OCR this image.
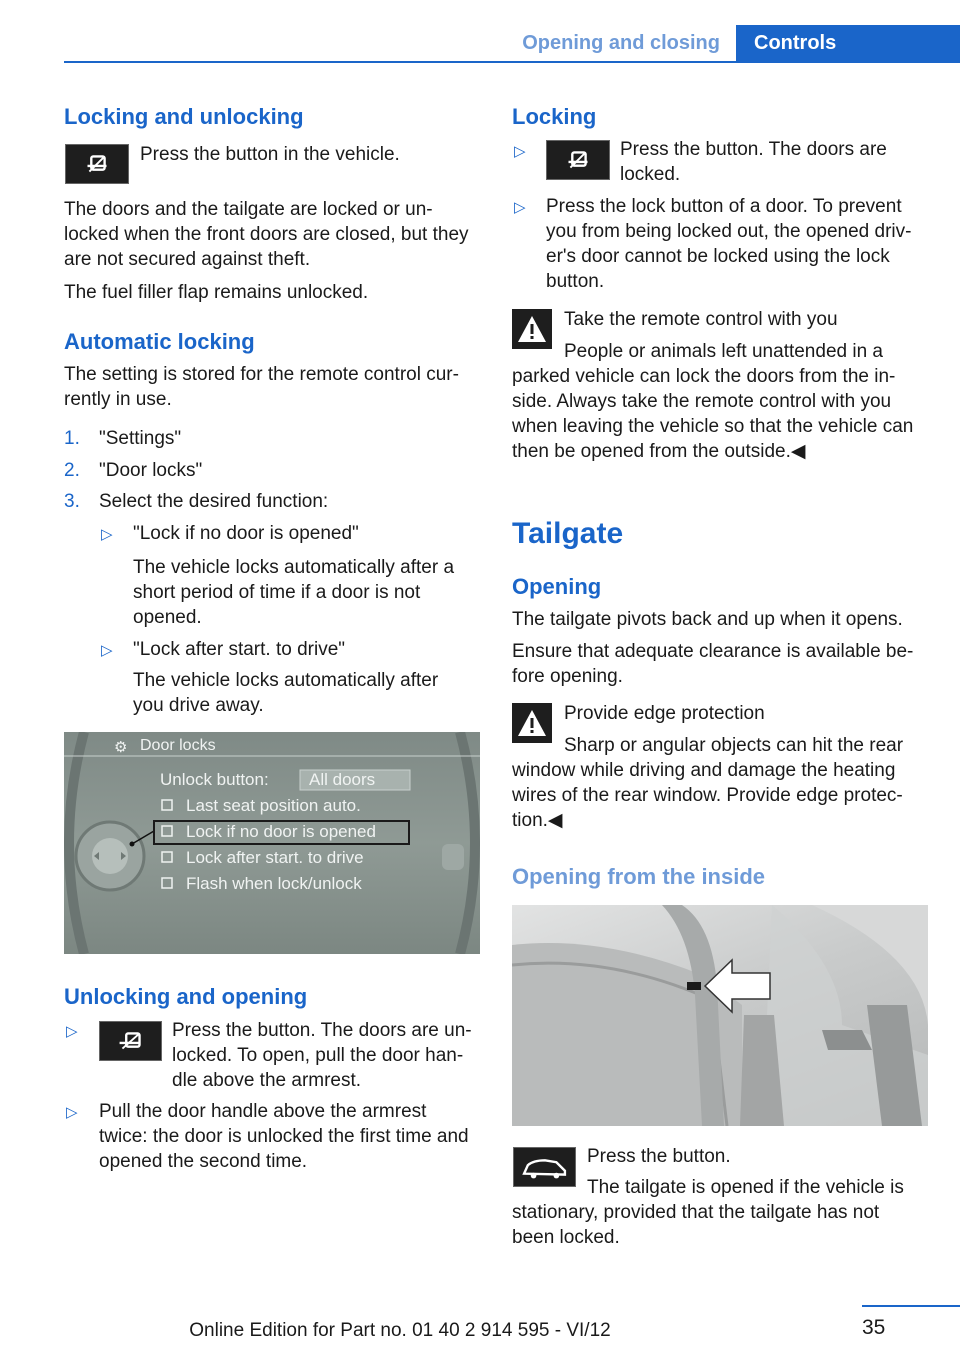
Opening and closing	Controls
Locking and unlocking
Press the button in the vehicle.
The doors and the tailgate are locked or un-
locked when the front doors are closed, but they
are not secured against theft.
The fuel filler flap remains unlocked.
Automatic locking
The setting is stored for the remote control cur-
rently in use.
1. "Settings"
2. "Door locks"
3. Select the desired function:
▷ "Lock if no door is opened"
The vehicle locks automatically after a
short period of time if a door is not
opened.
▷ "Lock after start. to drive"
The vehicle locks automatically after
you drive away.
⚙ Door locks
Unlock button: All doors
Last seat position auto.
Lock if no door is opened
Lock after start. to drive
Flash when lock/unlock
Unlocking and opening
▷	Press the button. The doors are un-
locked. To open, pull the door han-
dle above the armrest.
▷ Pull the door handle above the armrest
twice: the door is unlocked the first time and
opened the second time.
Locking
▷	Press the button. The doors are
locked.
▷ Press the lock button of a door. To prevent
you from being locked out, the opened driv-
er's door cannot be locked using the lock
button.
Take the remote control with you
People or animals left unattended in a
parked vehicle can lock the doors from the in-
side. Always take the remote control with you
when leaving the vehicle so that the vehicle can
then be opened from the outside.◀
Tailgate
Opening
The tailgate pivots back and up when it opens.
Ensure that adequate clearance is available be-
fore opening.
Provide edge protection
Sharp or angular objects can hit the rear
window while driving and damage the heating
wires of the rear window. Provide edge protec-
tion.◀
Opening from the inside
Press the button.
The tailgate is opened if the vehicle is
stationary, provided that the tailgate has not
been locked.
35
Online Edition for Part no. 01 40 2 914 595 - VI/12
